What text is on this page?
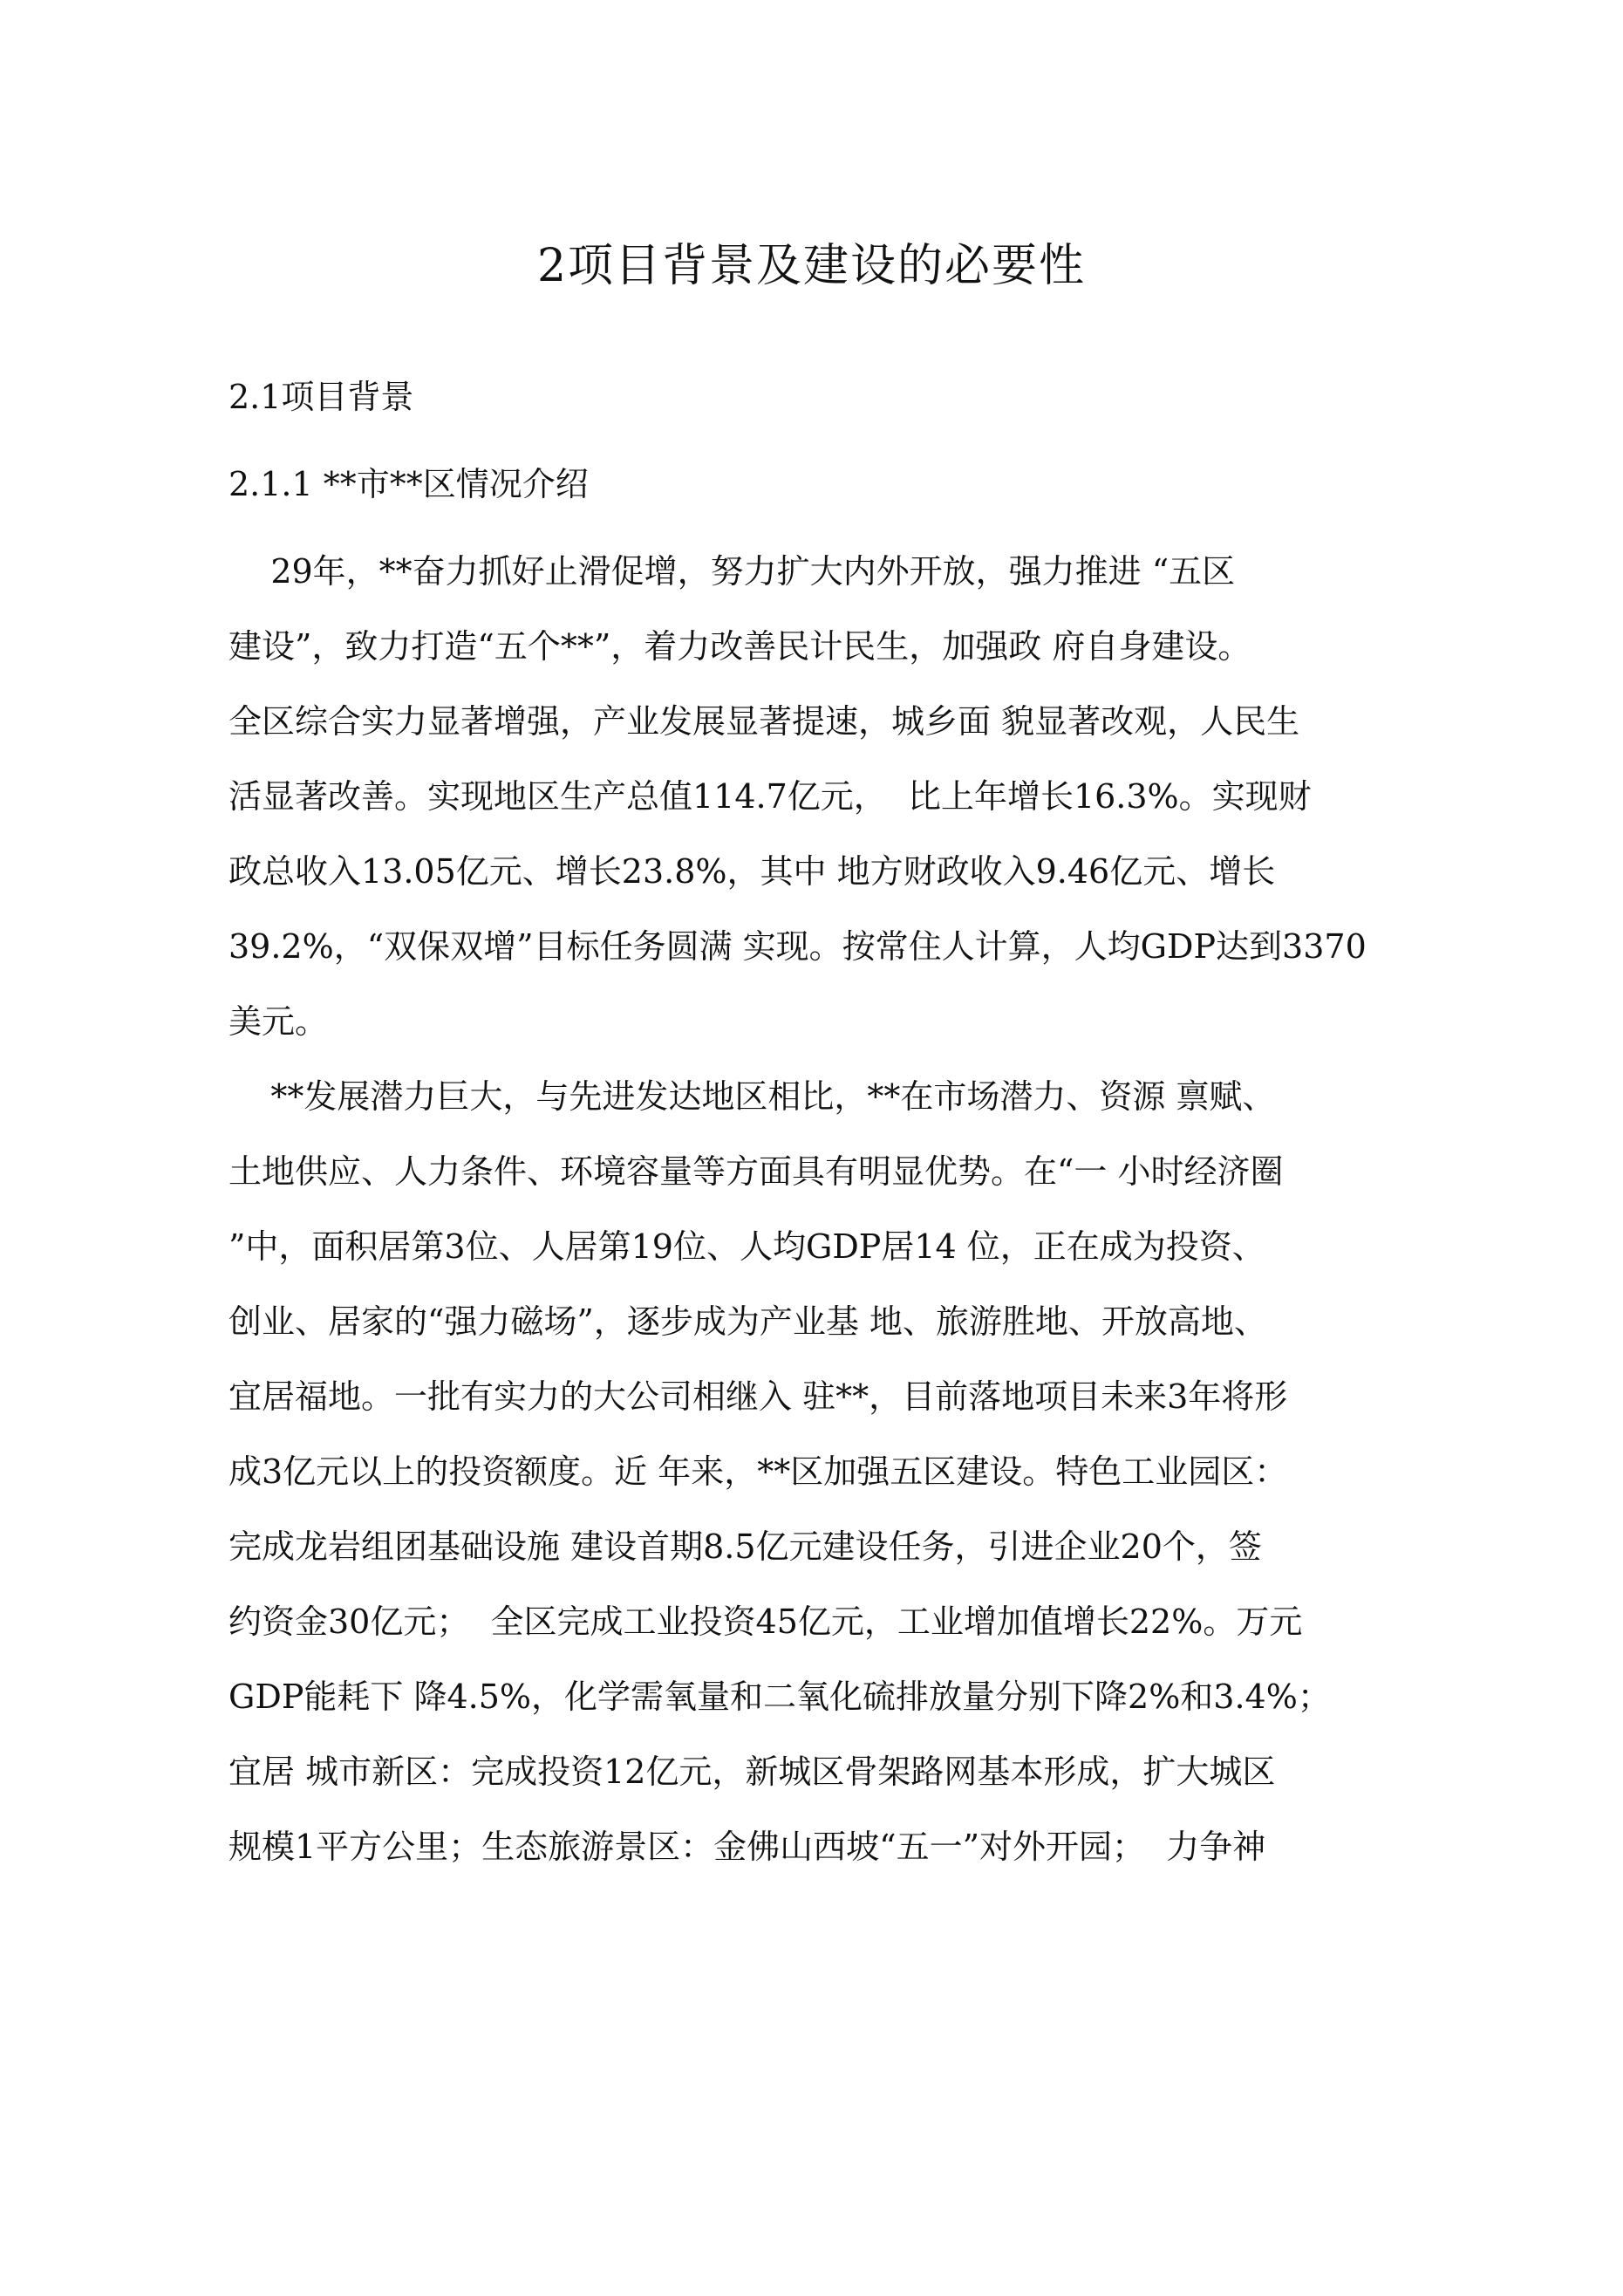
2项目背景及建设的必要性
2.1项目背景
2.1.1 **市**区情况介绍
29年，**奋力抓好止滑促增，努力扩大内外开放，强力推进 “五区
建设”，致力打造“五个**”，着力改善民计民生，加强政 府自身建设。
全区综合实力显著增强，产业发展显著提速，城乡面 貌显著改观，人民生
活显著改善。实现地区生产总值114.7亿元，  比上年增长16.3%。实现财
政总收入13.05亿元、增长23.8%，其中 地方财政收入9.46亿元、增长
39.2%，“双保双增”目标任务圆满 实现。按常住人计算，人均GDP达到3370
美元。
**发展潜力巨大，与先进发达地区相比，**在市场潜力、资源 禀赋、
土地供应、人力条件、环境容量等方面具有明显优势。在“一 小时经济圈
”中，面积居第3位、人居第19位、人均GDP居14 位，正在成为投资、
创业、居家的“强力磁场”，逐步成为产业基 地、旅游胜地、开放高地、
宜居福地。一批有实力的大公司相继入 驻**，目前落地项目未来3年将形
成3亿元以上的投资额度。近 年来，**区加强五区建设。特色工业园区：
完成龙岩组团基础设施 建设首期8.5亿元建设任务，引进企业20个，签
约资金30亿元；  全区完成工业投资45亿元，工业增加值增长22%。万元
GDP能耗下 降4.5%，化学需氧量和二氧化硫排放量分别下降2%和3.4%；
宜居 城市新区：完成投资12亿元，新城区骨架路网基本形成，扩大城区
规模1平方公里；生态旅游景区：金佛山西坡“五一”对外开园；  力争神
